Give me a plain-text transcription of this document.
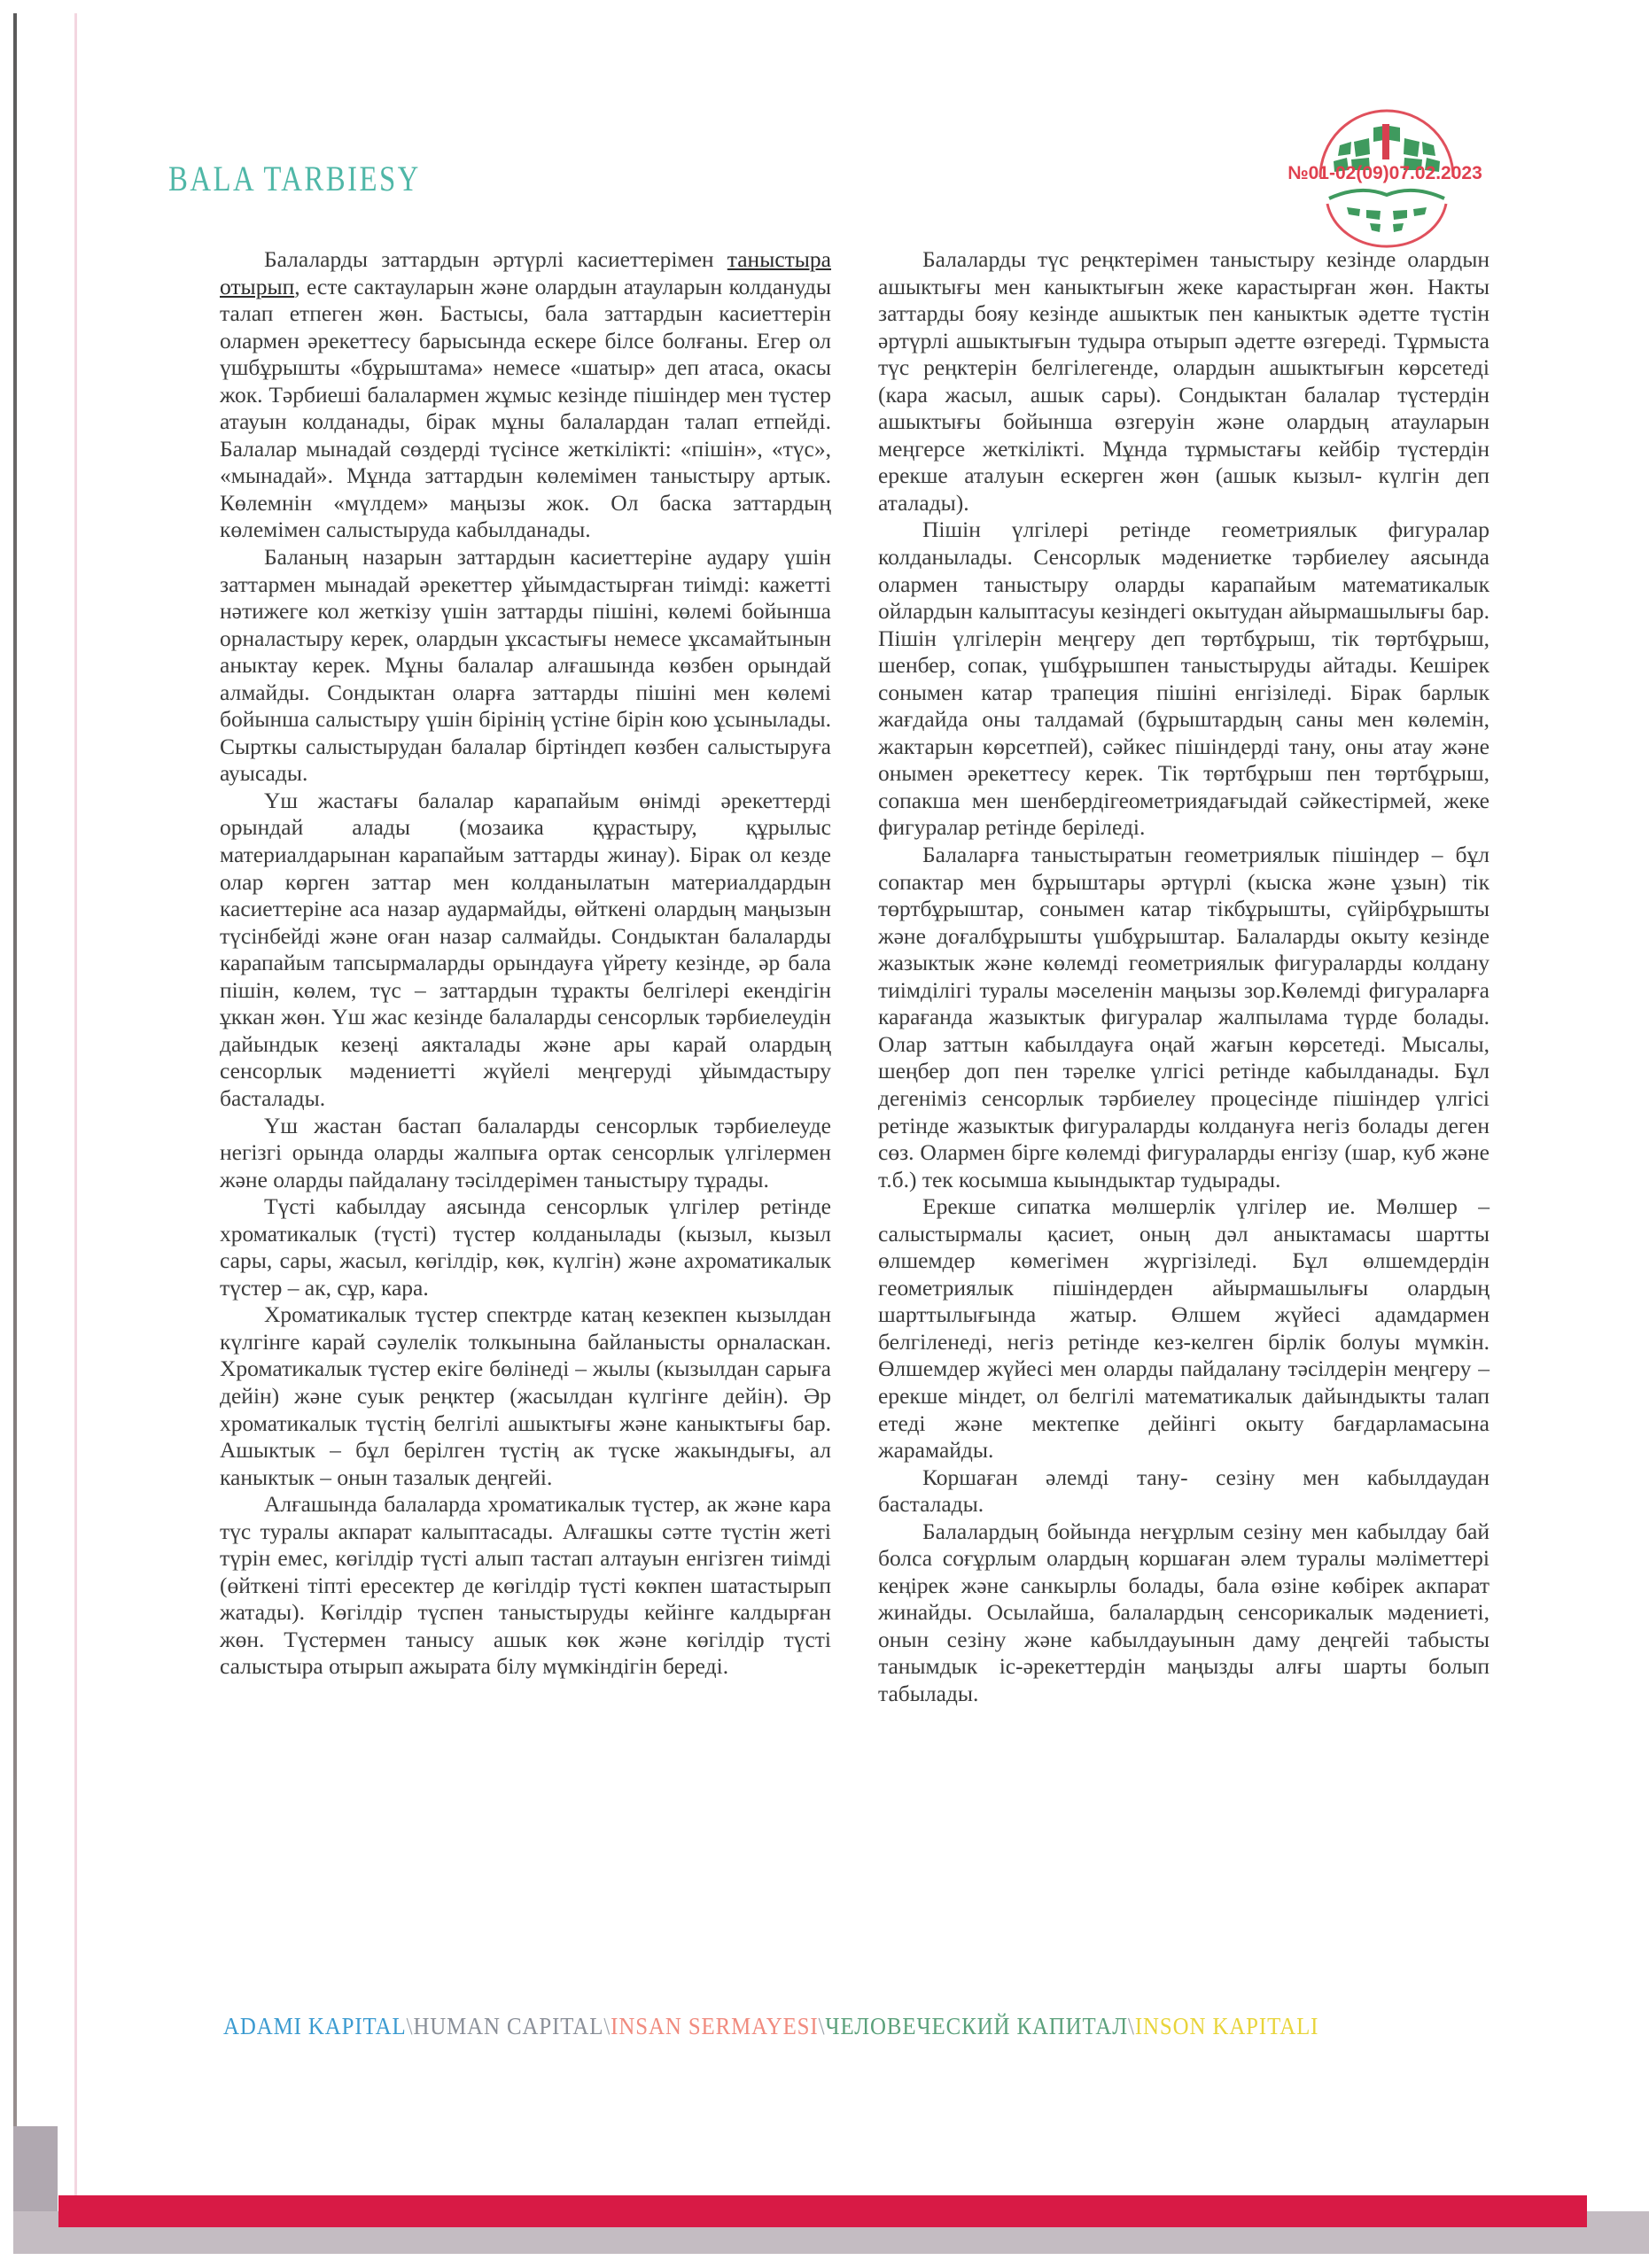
BALA TARBIESY	№01-02(09)07.02.2023

Балаларды заттардын әртүрлі касиеттерімен таныстыра отырып, есте сактауларын және олардын атауларын колдануды талап етпеген жөн. Бастысы, бала заттардын касиеттерін олармен әрекеттесу барысында ескере білсе болғаны. Егер ол үшбұрышты «бұрыштама» немесе «шатыр» деп атаса, окасы жок. Тәрбиеші балалармен жұмыс кезінде пішіндер мен түстер атауын колданады, бірак мұны балалардан талап етпейді. Балалар мынадай сөздерді түсінсе жеткілікті: «пішін», «түс», «мынадай». Мұнда заттардын көлемімен таныстыру артык. Көлемнін «мүлдем» маңызы жок. Ол баска заттардың көлемімен салыстыруда кабылданады.

Баланың назарын заттардын касиеттеріне аудару үшін заттармен мынадай әрекеттер ұйымдастырған тиімді: кажетті нәтижеге кол жеткізу үшін заттарды пішіні, көлемі бойынша орналастыру керек, олардын ұксастығы немесе ұксамайтынын аныктау керек. Мұны балалар алғашында көзбен орындай алмайды. Сондыктан оларға заттарды пішіні мен көлемі бойынша салыстыру үшін бірінің үстіне бірін кою ұсынылады. Сырткы салыстырудан балалар біртіндеп көзбен салыстыруға ауысады.

Үш жастағы балалар карапайым өнімді әрекеттерді орындай алады (мозаика құрастыру, құрылыс материалдарынан карапайым заттарды жинау). Бірак ол кезде олар көрген заттар мен колданылатын материалдардын касиеттеріне аса назар аудармайды, өйткені олардың маңызын түсінбейді және оған назар салмайды. Сондыктан балаларды карапайым тапсырмаларды орындауға үйрету кезінде, әр бала пішін, көлем, түс – заттардын тұракты белгілері екендігін ұккан жөн. Үш жас кезінде балаларды сенсорлык тәрбиелеудін дайындык кезеңі аякталады және ары карай олардың сенсорлык мәдениетті жүйелі меңгеруді ұйымдастыру басталады.

Үш жастан бастап балаларды сенсорлык тәрбиелеуде негізгі орында оларды жалпыға ортак сенсорлык үлгілермен және оларды пайдалану тәсілдерімен таныстыру тұрады.

Түсті кабылдау аясында сенсорлык үлгілер ретінде хроматикалык (түсті) түстер колданылады (кызыл, кызыл сары, сары, жасыл, көгілдір, көк, күлгін) және ахроматикалык түстер – ак, сұр, кара.

Хроматикалык түстер спектрде катаң кезекпен кызылдан күлгінге карай сәулелік толкынына байланысты орналаскан. Хроматикалык түстер екіге бөлінеді – жылы (кызылдан сарыға дейін) және суык реңктер (жасылдан күлгінге дейін). Әр хроматикалык түстің белгілі ашыктығы және каныктығы бар. Ашыктык – бұл берілген түстің ак түске жакындығы, ал каныктык – онын тазалык деңгейі.

Алғашында балаларда хроматикалык түстер, ак және кара түс туралы акпарат калыптасады. Алғашкы сәтте түстін жеті түрін емес, көгілдір түсті алып тастап алтауын енгізген тиімді (өйткені тіпті ересектер де көгілдір түсті көкпен шатастырып жатады). Көгілдір түспен таныстыруды кейінге калдырған жөн. Түстермен танысу ашык көк және көгілдір түсті салыстыра отырып ажырата білу мүмкіндігін береді.

Балаларды түс реңктерімен таныстыру кезінде олардын ашыктығы мен каныктығын жеке карастырған жөн. Накты заттарды бояу кезінде ашыктык пен каныктык әдетте түстін әртүрлі ашыктығын тудыра отырып әдетте өзгереді. Тұрмыста түс реңктерін белгілегенде, олардын ашыктығын көрсетеді (кара жасыл, ашык сары). Сондыктан балалар түстердін ашыктығы бойынша өзгеруін және олардың атауларын меңгерсе жеткілікті. Мұнда тұрмыстағы кейбір түстердін ерекше аталуын ескерген жөн (ашык кызыл- күлгін деп аталады).

Пішін үлгілері ретінде геометриялык фигуралар колданылады. Сенсорлык мәдениетке тәрбиелеу аясында олармен таныстыру оларды карапайым математикалык ойлардын калыптасуы кезіндегі окытудан айырмашылығы бар. Пішін үлгілерін меңгеру деп төртбұрыш, тік төртбұрыш, шенбер, сопак, үшбұрышпен таныстыруды айтады. Кешірек сонымен катар трапеция пішіні енгізіледі. Бірак барлык жағдайда оны талдамай (бұрыштардың саны мен көлемін, жактарын көрсетпей), сәйкес пішіндерді тану, оны атау және онымен әрекеттесу керек. Тік төртбұрыш пен төртбұрыш, сопакша мен шенбердігеометриядағыдай сәйкестірмей, жеке фигуралар ретінде беріледі.

Балаларға таныстыратын геометриялык пішіндер – бұл сопактар мен бұрыштары әртүрлі (кыска және ұзын) тік төртбұрыштар, сонымен катар тікбұрышты, сүйірбұрышты және доғалбұрышты үшбұрыштар. Балаларды окыту кезінде жазыктык және көлемді геометриялык фигураларды колдану тиімділігі туралы мәселенін маңызы зор.Көлемді фигураларға карағанда жазыктык фигуралар жалпылама түрде болады. Олар заттын кабылдауға оңай жағын көрсетеді. Мысалы, шеңбер доп пен тәрелке үлгісі ретінде кабылданады. Бұл дегеніміз сенсорлык тәрбиелеу процесінде пішіндер үлгісі ретінде жазыктык фигураларды колдануға негіз болады деген сөз. Олармен бірге көлемді фигураларды енгізу (шар, куб және т.б.) тек косымша кыындыктар тудырады.

Ерекше сипатка мөлшерлік үлгілер ие. Мөлшер – салыстырмалы қасиет, оның дәл аныктамасы шартты өлшемдер көмегімен жүргізіледі. Бұл өлшемдердін геометриялык пішіндерден айырмашылығы олардың шарттылығында жатыр. Өлшем жүйесі адамдармен белгіленеді, негіз ретінде кез-келген бірлік болуы мүмкін. Өлшемдер жүйесі мен оларды пайдалану тәсілдерін меңгеру – ерекше міндет, ол белгілі математикалык дайындыкты талап етеді және мектепке дейінгі окыту бағдарламасына жарамайды.

Коршаған әлемді тану- сезіну мен кабылдаудан басталады.

Балалардың бойында неғұрлым сезіну мен кабылдау бай болса соғұрлым олардың коршаған әлем туралы мәліметтері кеңірек және санкырлы болады, бала өзіне көбірек акпарат жинайды. Осылайша, балалардың сенсорикалык мәдениеті, онын сезіну және кабылдауынын даму деңгейі табысты танымдык іс-әрекеттердін маңызды алғы шарты болып табылады.

ADAMI KAPITAL\HUMAN CAPITAL\INSAN SERMAYESI\ЧЕЛОВЕЧЕСКИЙ КАПИТАЛ\INSON KAPITALI
